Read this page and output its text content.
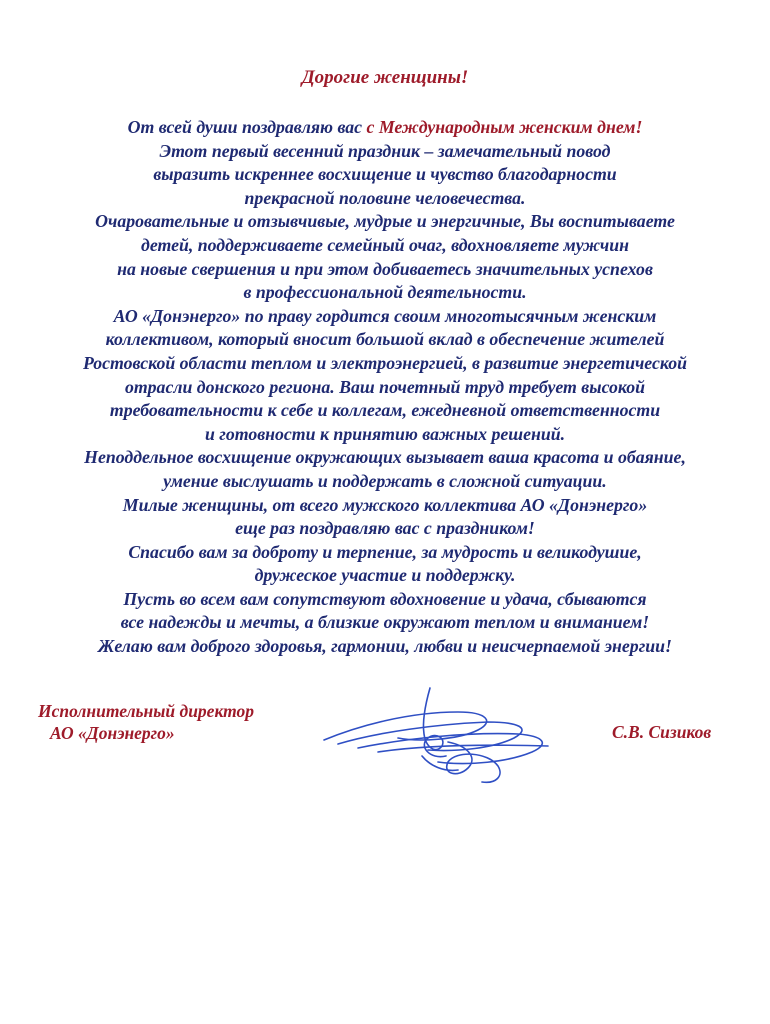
Дорогие женщины!

От всей души поздравляю вас с Международным женским днем!
Этот первый весенний праздник – замечательный повод
выразить искреннее восхищение и чувство благодарности
прекрасной половине человечества.
Очаровательные и отзывчивые, мудрые и энергичные, Вы воспитываете
детей, поддерживаете семейный очаг, вдохновляете мужчин
на новые свершения и при этом добиваетесь значительных успехов
в профессиональной деятельности.
АО «Донэнерго» по праву гордится своим многотысячным женским
коллективом, который вносит большой вклад в обеспечение жителей
Ростовской области теплом и электроэнергией, в развитие энергетической
отрасли донского региона. Ваш почетный труд требует высокой
требовательности к себе и коллегам, ежедневной ответственности
и готовности к принятию важных решений.
Неподдельное восхищение окружающих вызывает ваша красота и обаяние,
умение выслушать и поддержать в сложной ситуации.
Милые женщины, от всего мужского коллектива АО «Донэнерго»
еще раз поздравляю вас с праздником!
Спасибо вам за доброту и терпение, за мудрость и великодушие,
дружеское участие и поддержку.
Пусть во всем вам сопутствуют вдохновение и удача, сбываются
все надежды и мечты, а близкие окружают теплом и вниманием!
Желаю вам доброго здоровья, гармонии, любви и неисчерпаемой энергии!
Исполнительный директор
АО «Донэнерго»	С.В. Сизиков
